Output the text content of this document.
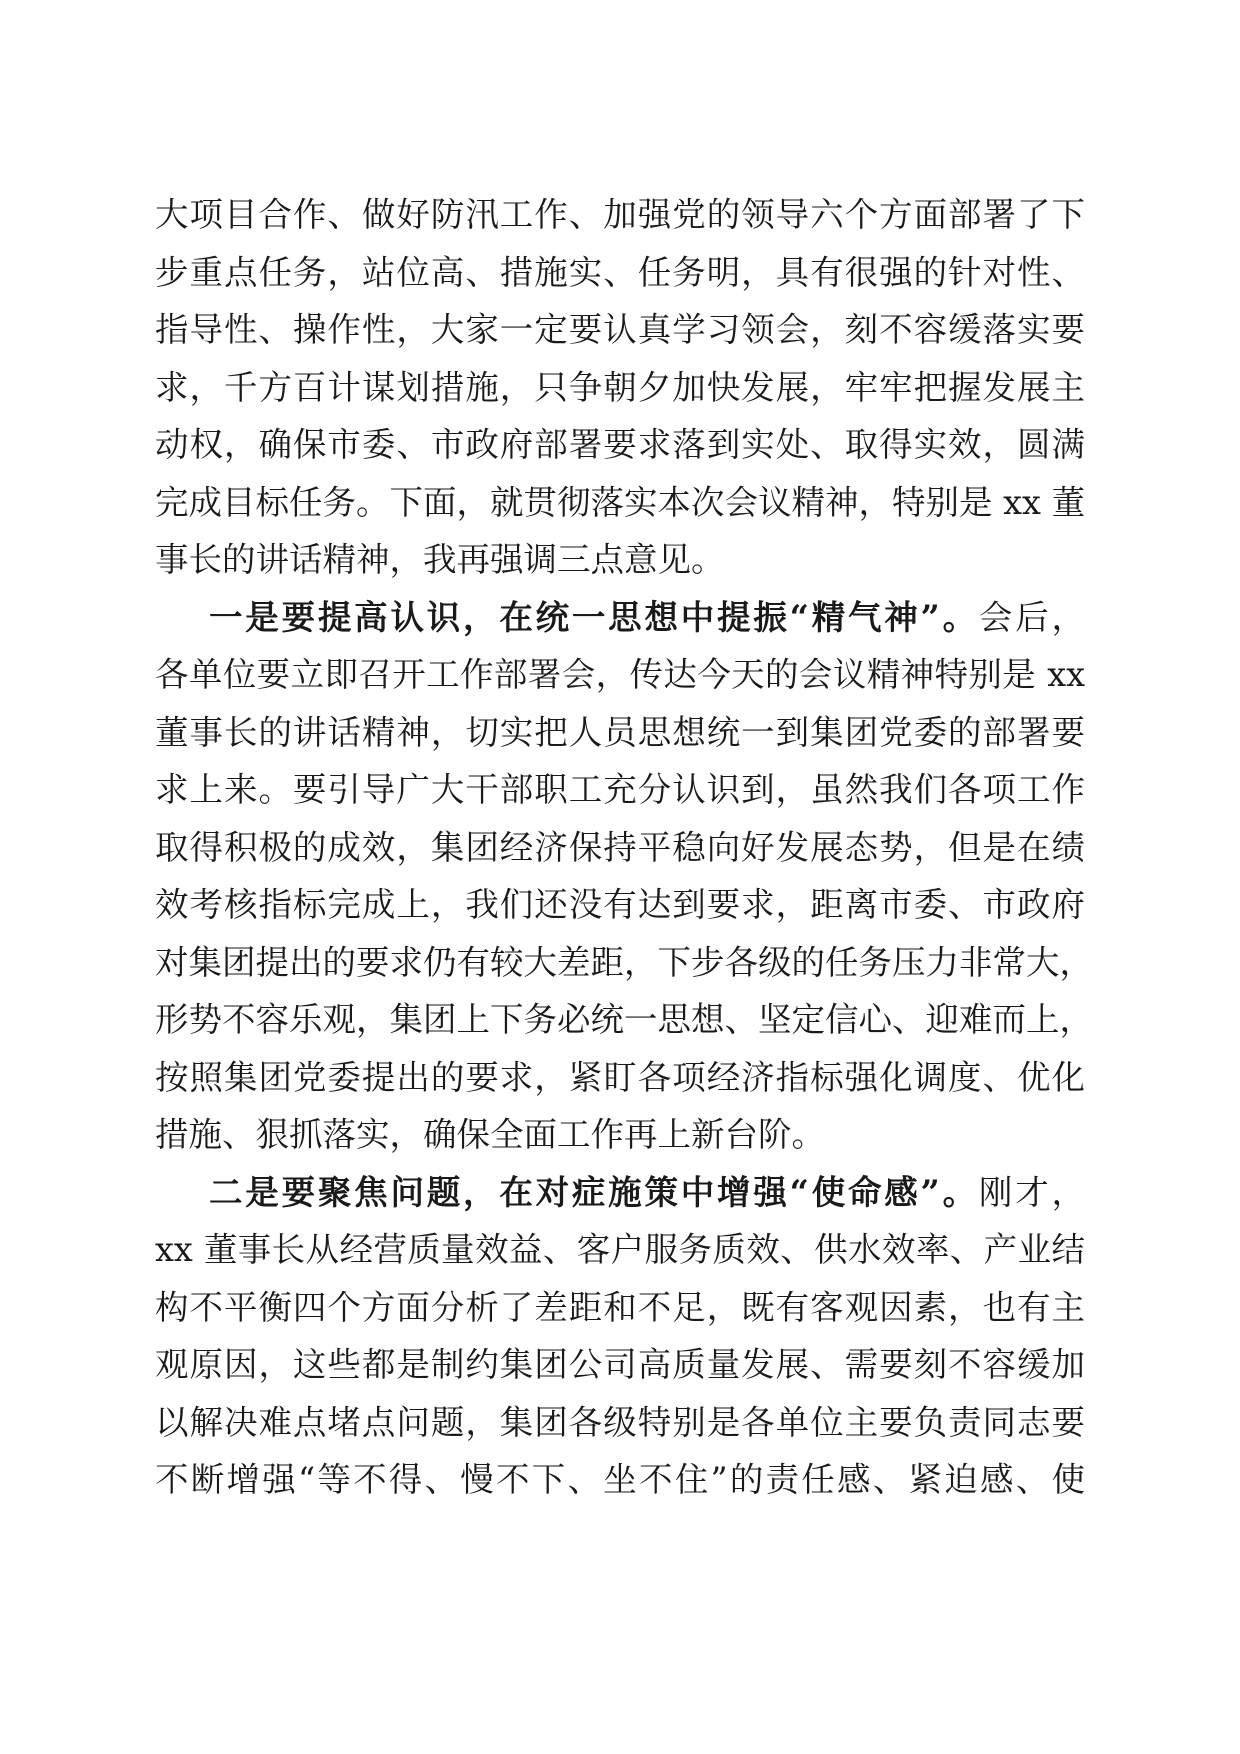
大项目合作、做好防汛工作、加强党的领导六个方面部署了下
步重点任务，站位高、措施实、任务明，具有很强的针对性、
指导性、操作性，大家一定要认真学习领会，刻不容缓落实要
求，千方百计谋划措施，只争朝夕加快发展，牢牢把握发展主
动权，确保市委、市政府部署要求落到实处、取得实效，圆满
完成目标任务。下面，就贯彻落实本次会议精神，特别是 xx 董
事长的讲话精神，我再强调三点意见。
一是要提高认识，在统一思想中提振“精气神”。会后，
各单位要立即召开工作部署会，传达今天的会议精神特别是 xx
董事长的讲话精神，切实把人员思想统一到集团党委的部署要
求上来。要引导广大干部职工充分认识到，虽然我们各项工作
取得积极的成效，集团经济保持平稳向好发展态势，但是在绩
效考核指标完成上，我们还没有达到要求，距离市委、市政府
对集团提出的要求仍有较大差距，下步各级的任务压力非常大，
形势不容乐观，集团上下务必统一思想、坚定信心、迎难而上，
按照集团党委提出的要求，紧盯各项经济指标强化调度、优化
措施、狠抓落实，确保全面工作再上新台阶。
二是要聚焦问题，在对症施策中增强“使命感”。刚才，
xx 董事长从经营质量效益、客户服务质效、供水效率、产业结
构不平衡四个方面分析了差距和不足，既有客观因素，也有主
观原因，这些都是制约集团公司高质量发展、需要刻不容缓加
以解决难点堵点问题，集团各级特别是各单位主要负责同志要
不断增强“等不得、慢不下、坐不住”的责任感、紧迫感、使
